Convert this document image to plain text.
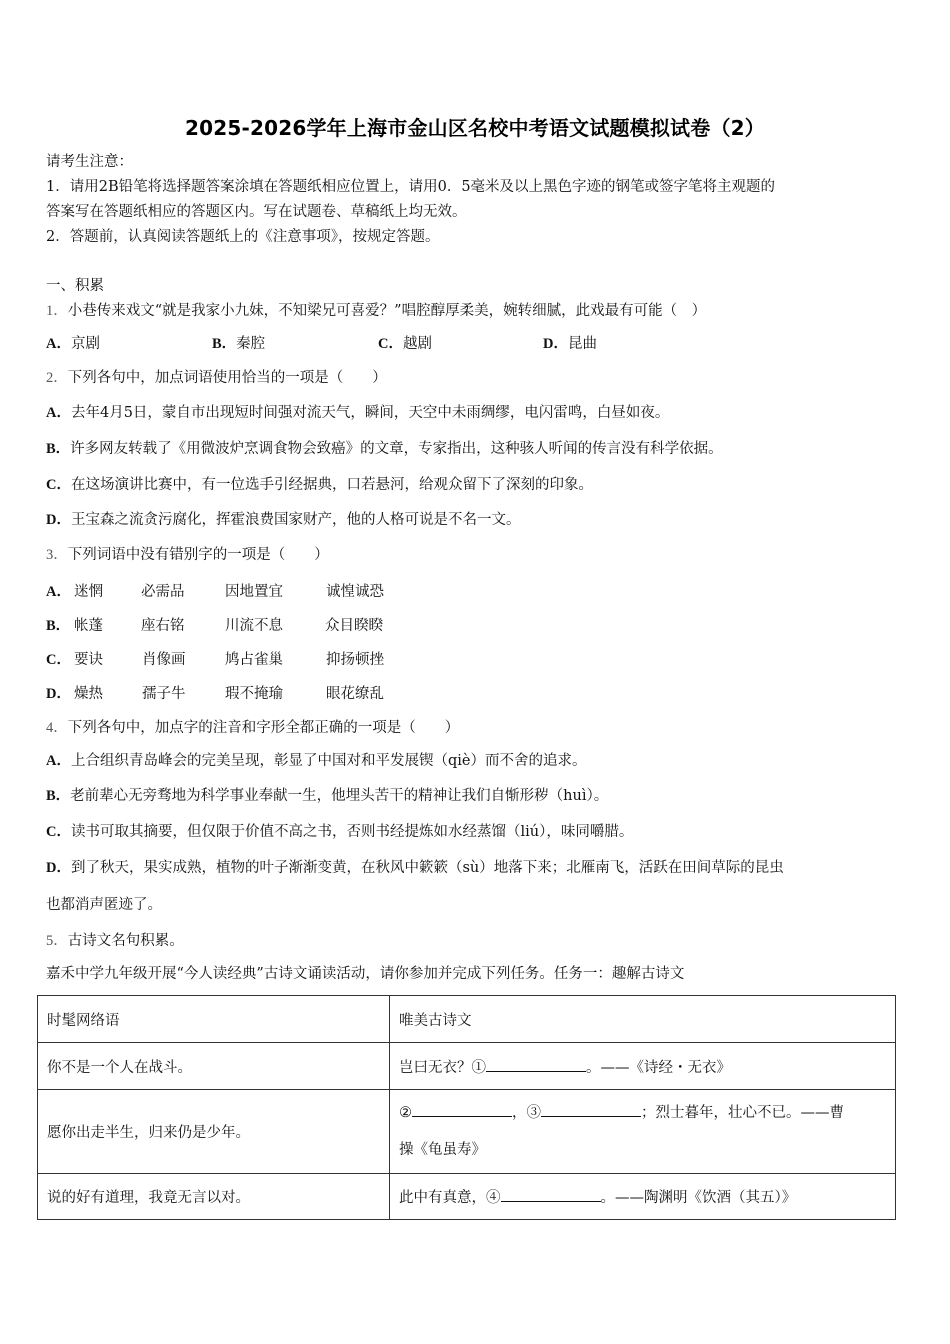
2025-2026学年上海市金山区名校中考语文试题模拟试卷（2）
请考生注意：
1．请用2B铅笔将选择题答案涂填在答题纸相应位置上，请用0．5毫米及以上黑色字迹的钢笔或签字笔将主观题的
答案写在答题纸相应的答题区内。写在试题卷、草稿纸上均无效。
2．答题前，认真阅读答题纸上的《注意事项》，按规定答题。
一、积累
1．小巷传来戏文“就是我家小九妹，不知梁兄可喜爱？”唱腔醇厚柔美，婉转细腻，此戏最有可能（　）
A．京剧	B．秦腔	C．越剧	D．昆曲
2．下列各句中，加点词语使用恰当的一项是（　　）
A．去年4月5日，蒙自市出现短时间强对流天气，瞬间，天空中未雨绸缪，电闪雷鸣，白昼如夜。
B．许多网友转载了《用微波炉烹调食物会致癌》的文章，专家指出，这种骇人听闻的传言没有科学依据。
C．在这场演讲比赛中，有一位选手引经据典，口若悬河，给观众留下了深刻的印象。
D．王宝森之流贪污腐化，挥霍浪费国家财产，他的人格可说是不名一文。
3．下列词语中没有错别字的一项是（　　）
A． 迷惘	必需品	因地置宜	诚惶诚恐
B． 帐蓬	座右铭	川流不息	众目睽睽
C． 要诀	肖像画	鸠占雀巢	抑扬顿挫
D． 燥热	孺子牛	瑕不掩瑜	眼花缭乱
4．下列各句中，加点字的注音和字形全都正确的一项是（　　）
A．上合组织青岛峰会的完美呈现，彰显了中国对和平发展锲（qiè）而不舍的追求。
B．老前辈心无旁骛地为科学事业奉献一生，他埋头苦干的精神让我们自惭形秽（huì）。
C．读书可取其摘要，但仅限于价值不高之书，否则书经提炼如水经蒸馏（liú），味同嚼腊。
D．到了秋天，果实成熟，植物的叶子渐渐变黄，在秋风中簌簌（sù）地落下来；北雁南飞，活跃在田间草际的昆虫
也都消声匿迹了。
5．古诗文名句积累。
嘉禾中学九年级开展“今人读经典”古诗文诵读活动，请你参加并完成下列任务。任务一：趣解古诗文
时髦网络语	唯美古诗文
你不是一个人在战斗。	岂曰无衣？① 。——《诗经・无衣》
愿你出走半生，归来仍是少年。	② ，③ ；烈士暮年，壮心不已。——曹
操《龟虽寿》
说的好有道理，我竟无言以对。	此中有真意，④ 。——陶渊明《饮酒（其五）》
